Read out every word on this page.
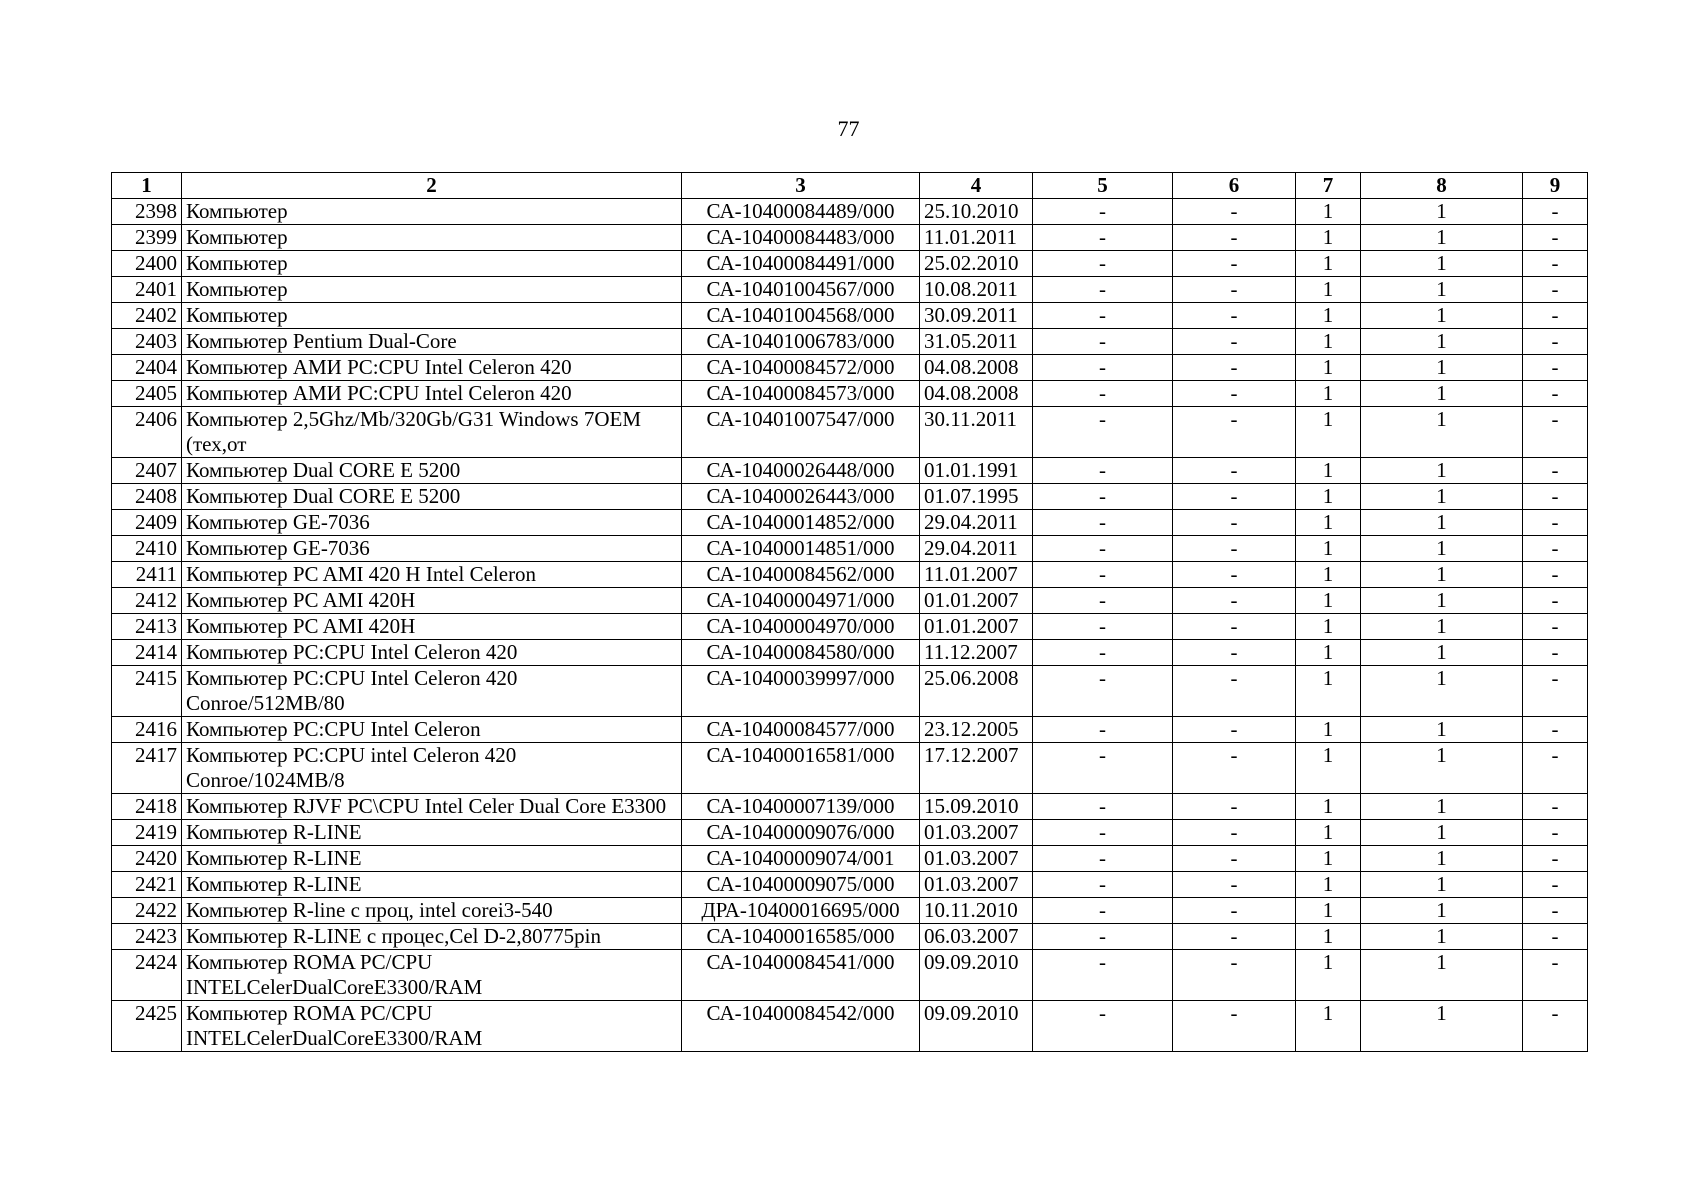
77
1	2	3	4	5	6	7	8	9
2398	Компьютер	СА-10400084489/000	25.10.2010	-	-	1	1	-
2399	Компьютер	СА-10400084483/000	11.01.2011	-	-	1	1	-
2400	Компьютер	СА-10400084491/000	25.02.2010	-	-	1	1	-
2401	Компьютер	СА-10401004567/000	10.08.2011	-	-	1	1	-
2402	Компьютер	СА-10401004568/000	30.09.2011	-	-	1	1	-
2403	Компьютер Pentium Dual-Core	СА-10401006783/000	31.05.2011	-	-	1	1	-
2404	Компьютер АМИ PC:CPU Intel Celeron 420	СА-10400084572/000	04.08.2008	-	-	1	1	-
2405	Компьютер АМИ PC:CPU Intel Celeron 420	СА-10400084573/000	04.08.2008	-	-	1	1	-
2406	Компьютер 2,5Ghz/Mb/320Gb/G31 Windows 7OEM (тех,от	СА-10401007547/000	30.11.2011	-	-	1	1	-
2407	Компьютер Dual CORE E 5200	СА-10400026448/000	01.01.1991	-	-	1	1	-
2408	Компьютер Dual CORE E 5200	СА-10400026443/000	01.07.1995	-	-	1	1	-
2409	Компьютер GE-7036	СА-10400014852/000	29.04.2011	-	-	1	1	-
2410	Компьютер GE-7036	СА-10400014851/000	29.04.2011	-	-	1	1	-
2411	Компьютер PC AMI 420 H Intel Celeron	СА-10400084562/000	11.01.2007	-	-	1	1	-
2412	Компьютер PC AMI 420H	СА-10400004971/000	01.01.2007	-	-	1	1	-
2413	Компьютер PC AMI 420H	СА-10400004970/000	01.01.2007	-	-	1	1	-
2414	Компьютер PC:CPU Intel Celeron 420	СА-10400084580/000	11.12.2007	-	-	1	1	-
2415	Компьютер PC:CPU Intel Celeron 420 Conroe/512MB/80	СА-10400039997/000	25.06.2008	-	-	1	1	-
2416	Компьютер PC:CPU Intel Celeron	СА-10400084577/000	23.12.2005	-	-	1	1	-
2417	Компьютер PC:CPU intel Celeron 420 Conroe/1024MB/8	СА-10400016581/000	17.12.2007	-	-	1	1	-
2418	Компьютер RJVF PC\CPU Intel Celer Dual Core E3300	СА-10400007139/000	15.09.2010	-	-	1	1	-
2419	Компьютер R-LINE	СА-10400009076/000	01.03.2007	-	-	1	1	-
2420	Компьютер R-LINE	СА-10400009074/001	01.03.2007	-	-	1	1	-
2421	Компьютер R-LINE	СА-10400009075/000	01.03.2007	-	-	1	1	-
2422	Компьютер R-line с проц, intel corei3-540	ДРА-10400016695/000	10.11.2010	-	-	1	1	-
2423	Компьютер R-LINE с процес,Cel D-2,80775pin	СА-10400016585/000	06.03.2007	-	-	1	1	-
2424	Компьютер ROMA PC/CPU INTELCelerDualCoreE3300/RAM	СА-10400084541/000	09.09.2010	-	-	1	1	-
2425	Компьютер ROMA PC/CPU INTELCelerDualCoreE3300/RAM	СА-10400084542/000	09.09.2010	-	-	1	1	-
